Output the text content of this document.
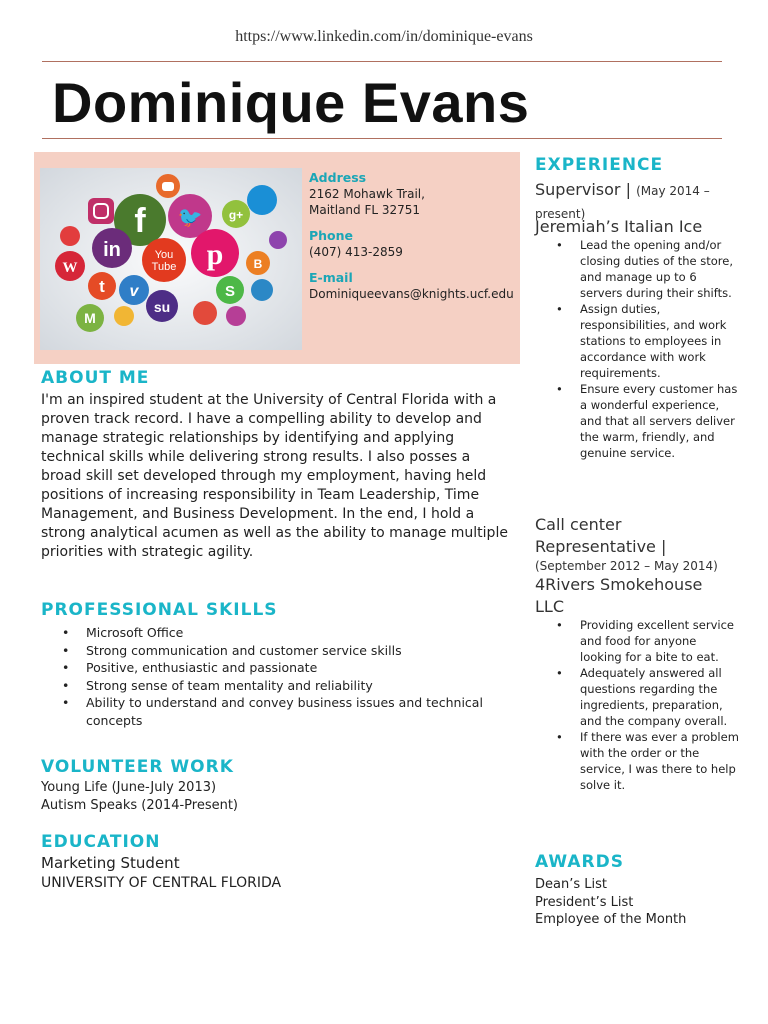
https://www.linkedin.com/in/dominique-evans
Dominique Evans
f 🐦
p
g+
in	You
Tube
W
t v
su
S
B
M
Address
2162 Mohawk Trail,
Maitland FL 32751
Phone
(407) 413-2859
E-mail
Dominiqueevans@knights.ucf.edu
ABOUT ME
I'm an inspired student at the University of Central Florida with a proven track record. I have a compelling ability to develop and manage strategic relationships by identifying and applying technical skills while delivering strong results. I also posses a broad skill set developed through my employment, having held positions of increasing responsibility in Team Leadership, Time Management, and Business Development. In the end, I hold a strong analytical acumen as well as the ability to manage multiple priorities with strategic agility.
PROFESSIONAL SKILLS
• Microsoft Office
• Strong communication and customer service skills
• Positive, enthusiastic and passionate
• Strong sense of team mentality and reliability
• Ability to understand and convey business issues and technical concepts
VOLUNTEER WORK
Young Life (June-July 2013)
Autism Speaks (2014-Present)
EDUCATION
Marketing Student
UNIVERSITY OF CENTRAL FLORIDA
EXPERIENCE
Supervisor | (May 2014 – present)
Jeremiah’s Italian Ice
• Lead the opening and/or closing duties of the store, and manage up to 6 servers during their shifts.
• Assign duties, responsibilities, and work stations to employees in accordance with work requirements.
• Ensure every customer has a wonderful experience, and that all servers deliver the warm, friendly, and genuine service.
Call center Representative |
(September 2012 – May 2014)
4Rivers Smokehouse LLC
• Providing excellent service and food for anyone looking for a bite to eat.
• Adequately answered all questions regarding the ingredients, preparation, and the company overall.
• If there was ever a problem with the order or the service, I was there to help solve it.
AWARDS
Dean’s List
President’s List
Employee of the Month
